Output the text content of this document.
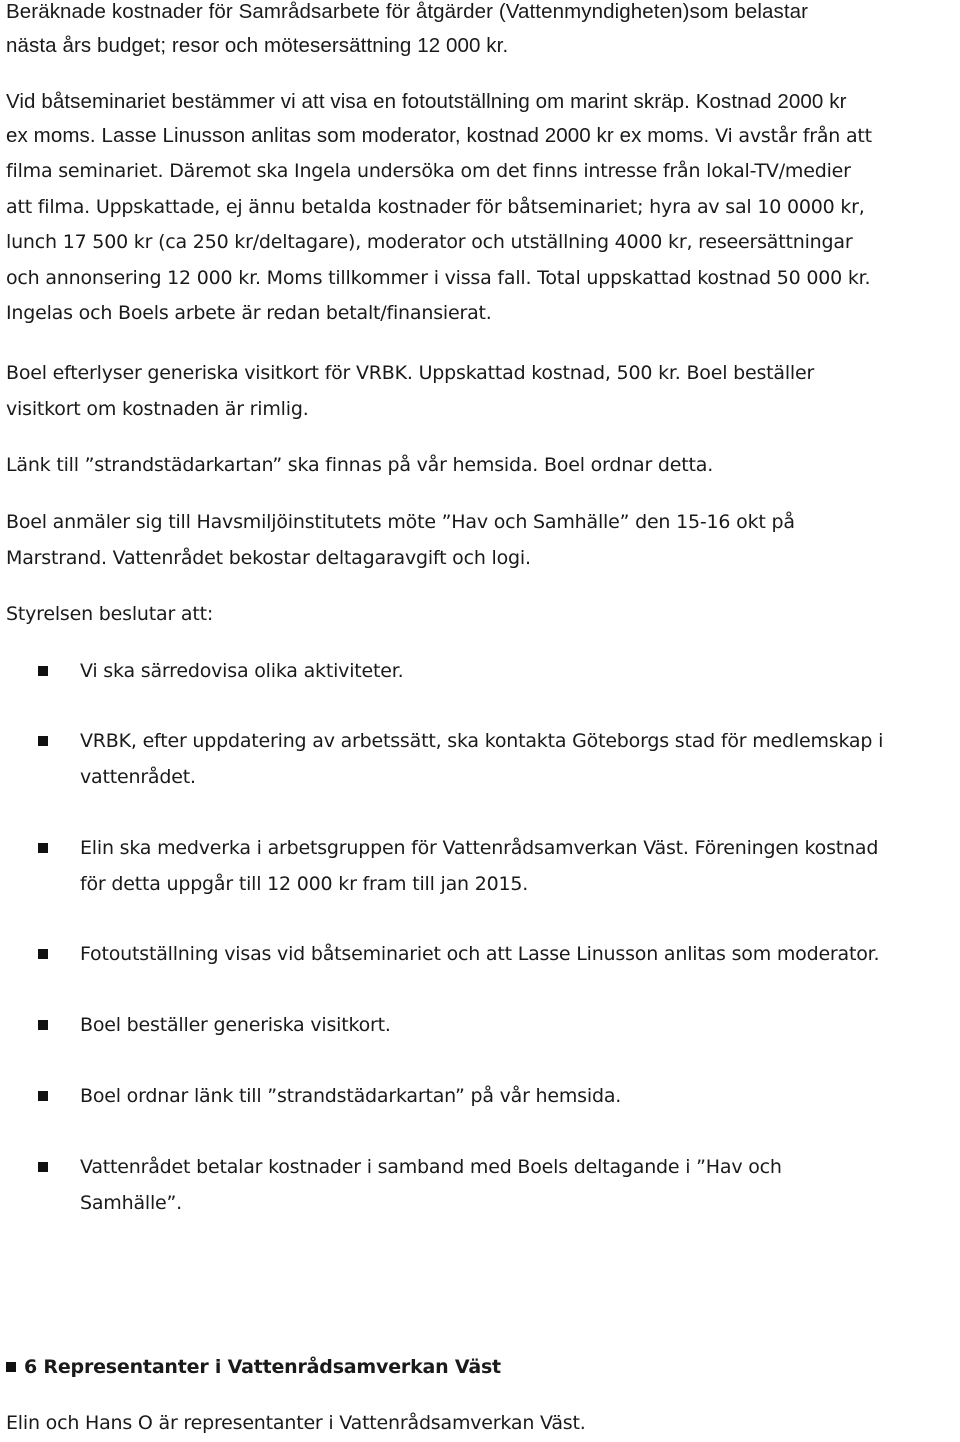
Beräknade kostnader för Samrådsarbete för åtgärder (Vattenmyndigheten)som belastar

nästa års budget; resor och mötesersättning 12 000 kr.

Vid båtseminariet bestämmer vi att visa en fotoutställning om marint skräp. Kostnad 2000 kr

ex moms. Lasse Linusson anlitas som moderator, kostnad 2000 kr ex moms. Vi avstår från att

filma seminariet. Däremot ska Ingela undersöka om det finns intresse från lokal-TV/medier

att filma. Uppskattade, ej ännu betalda kostnader för båtseminariet; hyra av sal 10 0000 kr,

lunch 17 500 kr (ca 250 kr/deltagare), moderator och utställning 4000 kr, reseersättningar

och annonsering 12 000 kr. Moms tillkommer i vissa fall. Total uppskattad kostnad 50 000 kr.

Ingelas och Boels arbete är redan betalt/finansierat.

Boel efterlyser generiska visitkort för VRBK. Uppskattad kostnad, 500 kr. Boel beställer

visitkort om kostnaden är rimlig.

Länk till ”strandstädarkartan” ska finnas på vår hemsida. Boel ordnar detta.

Boel anmäler sig till Havsmiljöinstitutets möte ”Hav och Samhälle” den 15-16 okt på

Marstrand. Vattenrådet bekostar deltagaravgift och logi.

Styrelsen beslutar att:

Vi ska särredovisa olika aktiviteter.

VRBK, efter uppdatering av arbetssätt, ska kontakta Göteborgs stad för medlemskap i

vattenrådet.

Elin ska medverka i arbetsgruppen för Vattenrådsamverkan Väst. Föreningen kostnad

för detta uppgår till 12 000 kr fram till jan 2015.

Fotoutställning visas vid båtseminariet och att Lasse Linusson anlitas som moderator.

Boel beställer generiska visitkort.

Boel ordnar länk till ”strandstädarkartan” på vår hemsida.

Vattenrådet betalar kostnader i samband med Boels deltagande i ”Hav och

Samhälle”.

6 Representanter i Vattenrådsamverkan Väst

Elin och Hans O är representanter i Vattenrådsamverkan Väst.
